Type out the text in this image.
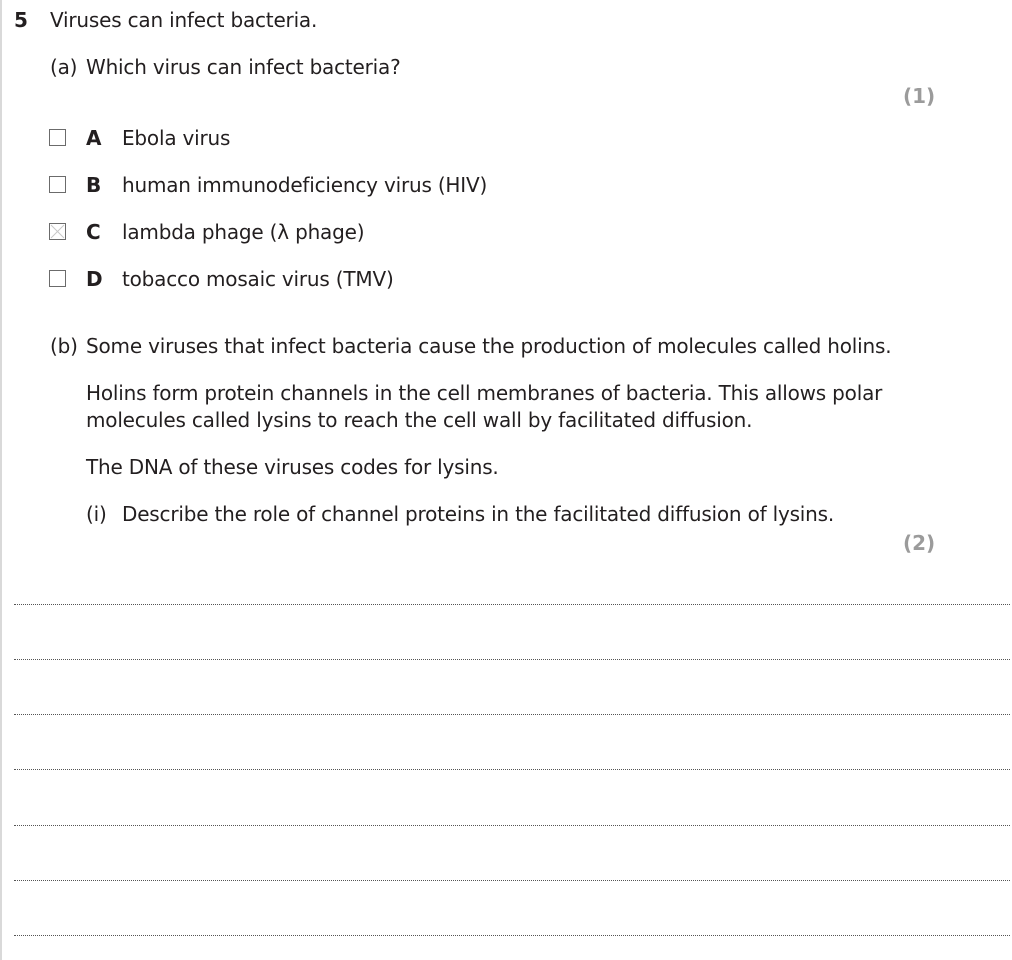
5 Viruses can infect bacteria.
(a) Which virus can infect bacteria?
(1)
A Ebola virus
B human immunodeficiency virus (HIV)
C lambda phage (λ phage)
D tobacco mosaic virus (TMV)
(b) Some viruses that infect bacteria cause the production of molecules called holins.
Holins form protein channels in the cell membranes of bacteria. This allows polar
molecules called lysins to reach the cell wall by facilitated diffusion.
The DNA of these viruses codes for lysins.
(i) Describe the role of channel proteins in the facilitated diffusion of lysins.
(2)
